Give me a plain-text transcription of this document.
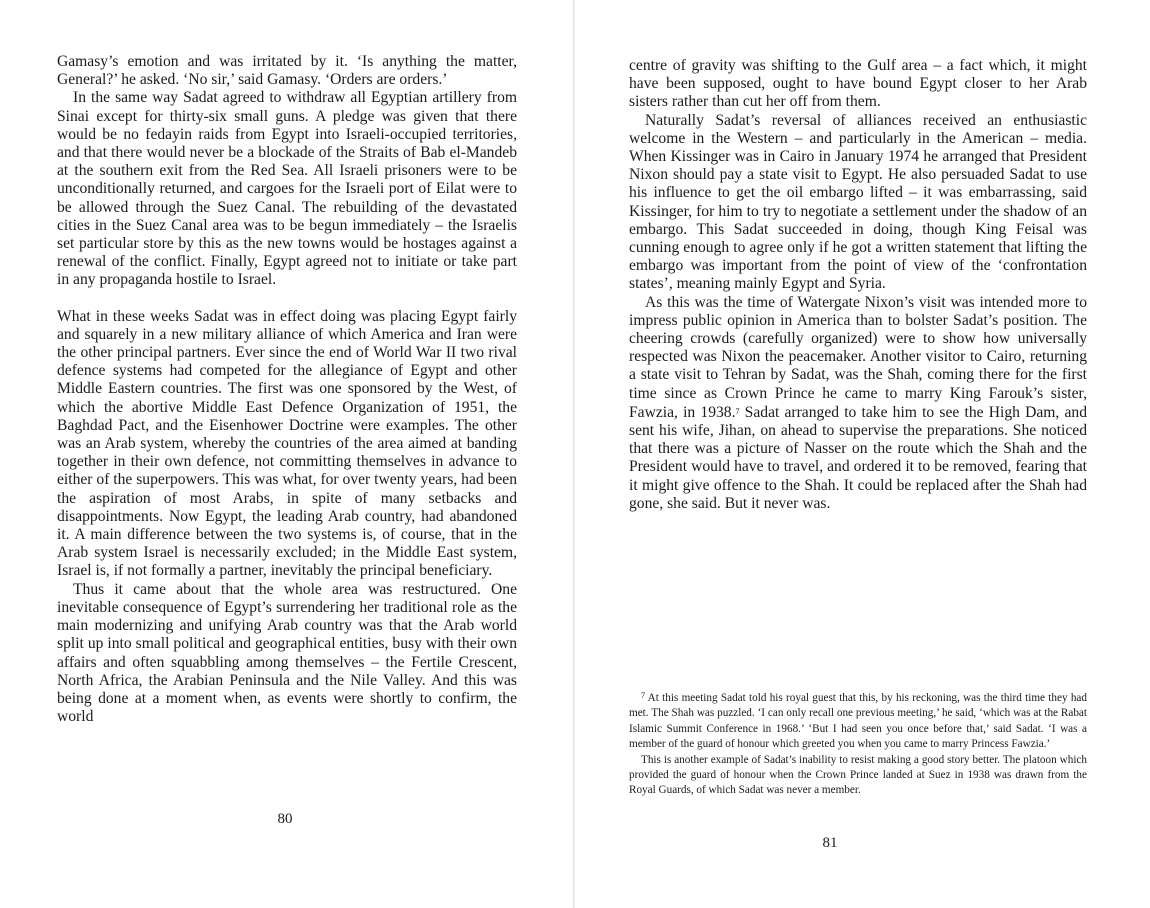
Gamasy’s emotion and was irritated by it. ‘Is anything the matter, General?’ he asked. ‘No sir,’ said Gamasy. ‘Orders are orders.’

In the same way Sadat agreed to withdraw all Egyptian artillery from Sinai except for thirty-six small guns. A pledge was given that there would be no fedayin raids from Egypt into Israeli-occupied territories, and that there would never be a blockade of the Straits of Bab el-Mandeb at the southern exit from the Red Sea. All Israeli prisoners were to be unconditionally returned, and cargoes for the Israeli port of Eilat were to be allowed through the Suez Canal. The rebuilding of the devastated cities in the Suez Canal area was to be begun immediately – the Israelis set particular store by this as the new towns would be hostages against a renewal of the conflict. Finally, Egypt agreed not to initiate or take part in any propaganda hostile to Israel.

What in these weeks Sadat was in effect doing was placing Egypt fairly and squarely in a new military alliance of which America and Iran were the other principal partners. Ever since the end of World War II two rival defence systems had competed for the allegiance of Egypt and other Middle Eastern countries. The first was one sponsored by the West, of which the abortive Middle East Defence Organization of 1951, the Baghdad Pact, and the Eisenhower Doctrine were examples. The other was an Arab system, whereby the countries of the area aimed at banding together in their own defence, not committing themselves in advance to either of the superpowers. This was what, for over twenty years, had been the aspiration of most Arabs, in spite of many setbacks and disappointments. Now Egypt, the leading Arab country, had abandoned it. A main difference between the two systems is, of course, that in the Arab system Israel is necessarily excluded; in the Middle East system, Israel is, if not formally a partner, inevitably the principal beneficiary.

Thus it came about that the whole area was restructured. One inevitable consequence of Egypt’s surrendering her traditional role as the main modernizing and unifying Arab country was that the Arab world split up into small political and geographical entities, busy with their own affairs and often squabbling among themselves – the Fertile Crescent, North Africa, the Arabian Peninsula and the Nile Valley. And this was being done at a moment when, as events were shortly to confirm, the world

80

centre of gravity was shifting to the Gulf area – a fact which, it might have been supposed, ought to have bound Egypt closer to her Arab sisters rather than cut her off from them.

Naturally Sadat’s reversal of alliances received an enthusiastic welcome in the Western – and particularly in the American – media. When Kissinger was in Cairo in January 1974 he arranged that President Nixon should pay a state visit to Egypt. He also persuaded Sadat to use his influence to get the oil embargo lifted – it was embarrassing, said Kissinger, for him to try to negotiate a settlement under the shadow of an embargo. This Sadat succeeded in doing, though King Feisal was cunning enough to agree only if he got a written statement that lifting the embargo was important from the point of view of the ‘confrontation states’, meaning mainly Egypt and Syria.

As this was the time of Watergate Nixon’s visit was intended more to impress public opinion in America than to bolster Sadat’s position. The cheering crowds (carefully organized) were to show how universally respected was Nixon the peacemaker. Another visitor to Cairo, returning a state visit to Tehran by Sadat, was the Shah, coming there for the first time since as Crown Prince he came to marry King Farouk’s sister, Fawzia, in 1938.7 Sadat arranged to take him to see the High Dam, and sent his wife, Jihan, on ahead to supervise the preparations. She noticed that there was a picture of Nasser on the route which the Shah and the President would have to travel, and ordered it to be removed, fearing that it might give offence to the Shah. It could be replaced after the Shah had gone, she said. But it never was.

$^7$ At this meeting Sadat told his royal guest that this, by his reckoning, was the third time they had met. The Shah was puzzled. ‘I can only recall one previous meeting,’ he said, ‘which was at the Rabat Islamic Summit Conference in 1968.’ ‘But I had seen you once before that,’ said Sadat. ‘I was a member of the guard of honour which greeted you when you came to marry Princess Fawzia.’

This is another example of Sadat’s inability to resist making a good story better. The platoon which provided the guard of honour when the Crown Prince landed at Suez in 1938 was drawn from the Royal Guards, of which Sadat was never a member.

81
